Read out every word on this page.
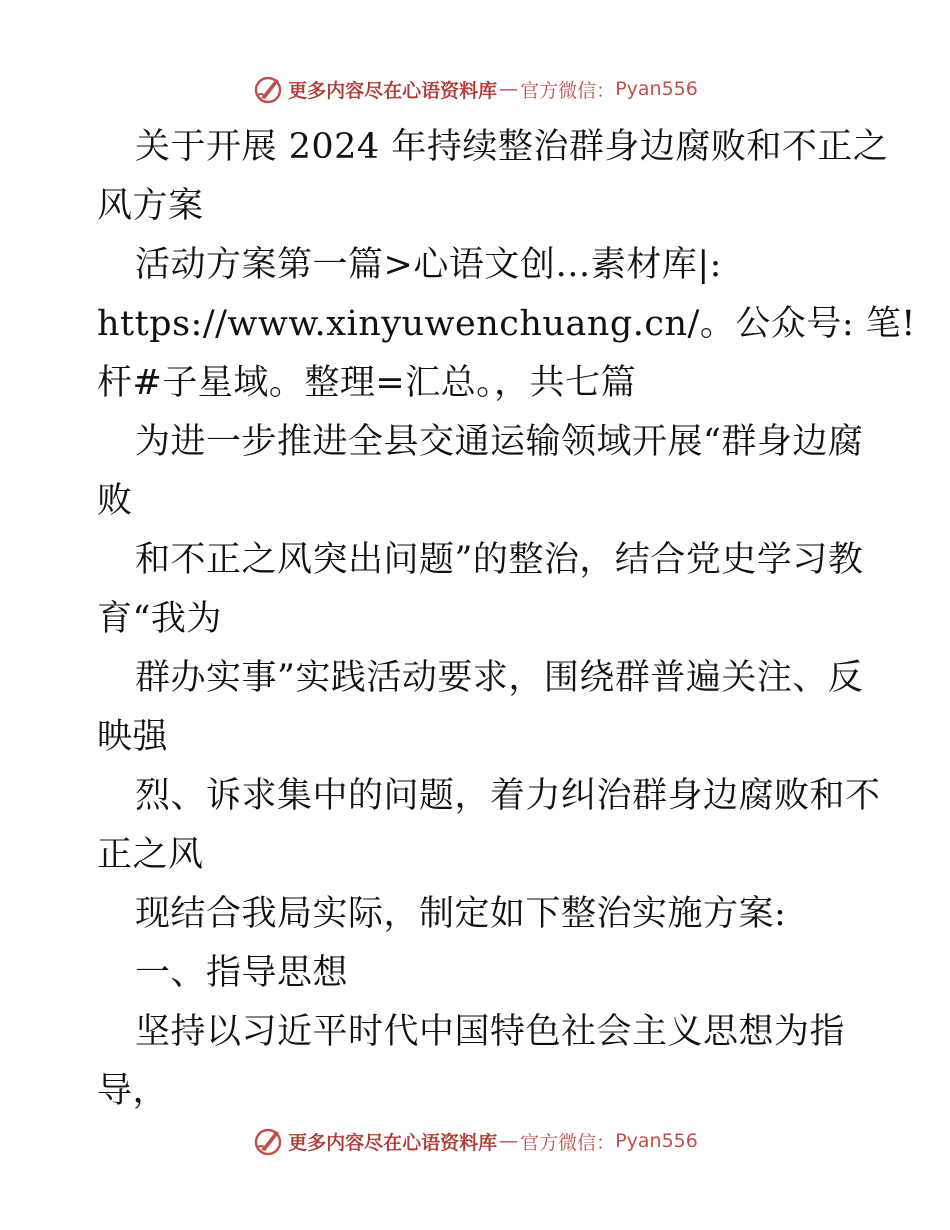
更多内容尽在心语资料库 — 官方微信： Pyan556
关于开展 2024 年持续整治群身边腐败和不正之
风方案
活动方案第一篇>心语文创…素材库|:
https://www.xinyuwenchuang.cn/。公众号: 笔!
杆#子星域。整理=汇总。，共七篇
为进一步推进全县交通运输领域开展“群身边腐
败
和不正之风突出问题”的整治，结合党史学习教
育“我为
群办实事”实践活动要求，围绕群普遍关注、反
映强
烈、诉求集中的问题，着力纠治群身边腐败和不
正之风
现结合我局实际，制定如下整治实施方案:
一、指导思想
坚持以习近平时代中国特色社会主义思想为指
导，
更多内容尽在心语资料库 — 官方微信： Pyan556
